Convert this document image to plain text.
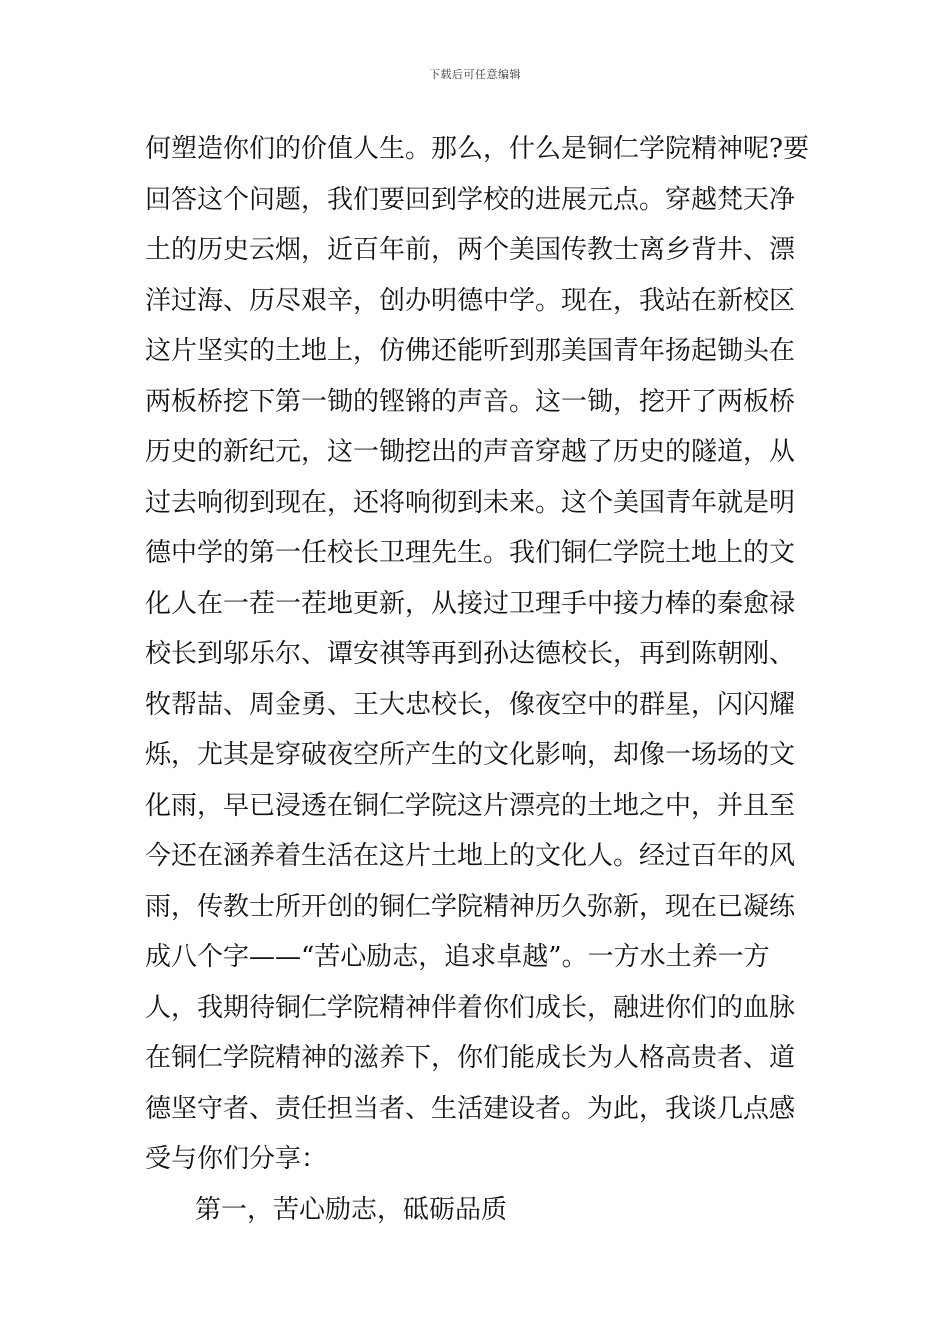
下载后可任意编辑
何塑造你们的价值人生。那么，什么是铜仁学院精神呢?要
回答这个问题，我们要回到学校的进展元点。穿越梵天净
土的历史云烟，近百年前，两个美国传教士离乡背井、漂
洋过海、历尽艰辛，创办明德中学。现在，我站在新校区
这片坚实的土地上，仿佛还能听到那美国青年扬起锄头在
两板桥挖下第一锄的铿锵的声音。这一锄，挖开了两板桥
历史的新纪元，这一锄挖出的声音穿越了历史的隧道，从
过去响彻到现在，还将响彻到未来。这个美国青年就是明
德中学的第一任校长卫理先生。我们铜仁学院土地上的文
化人在一茬一茬地更新，从接过卫理手中接力棒的秦愈禄
校长到邬乐尔、谭安祺等再到孙达德校长，再到陈朝刚、
牧帮喆、周金勇、王大忠校长，像夜空中的群星，闪闪耀
烁，尤其是穿破夜空所产生的文化影响，却像一场场的文
化雨，早已浸透在铜仁学院这片漂亮的土地之中，并且至
今还在涵养着生活在这片土地上的文化人。经过百年的风
雨，传教士所开创的铜仁学院精神历久弥新，现在已凝练
成八个字——“苦心励志，追求卓越”。一方水土养一方
人，我期待铜仁学院精神伴着你们成长，融进你们的血脉
在铜仁学院精神的滋养下，你们能成长为人格高贵者、道
德坚守者、责任担当者、生活建设者。为此，我谈几点感
受与你们分享：
第一，苦心励志，砥砺品质
